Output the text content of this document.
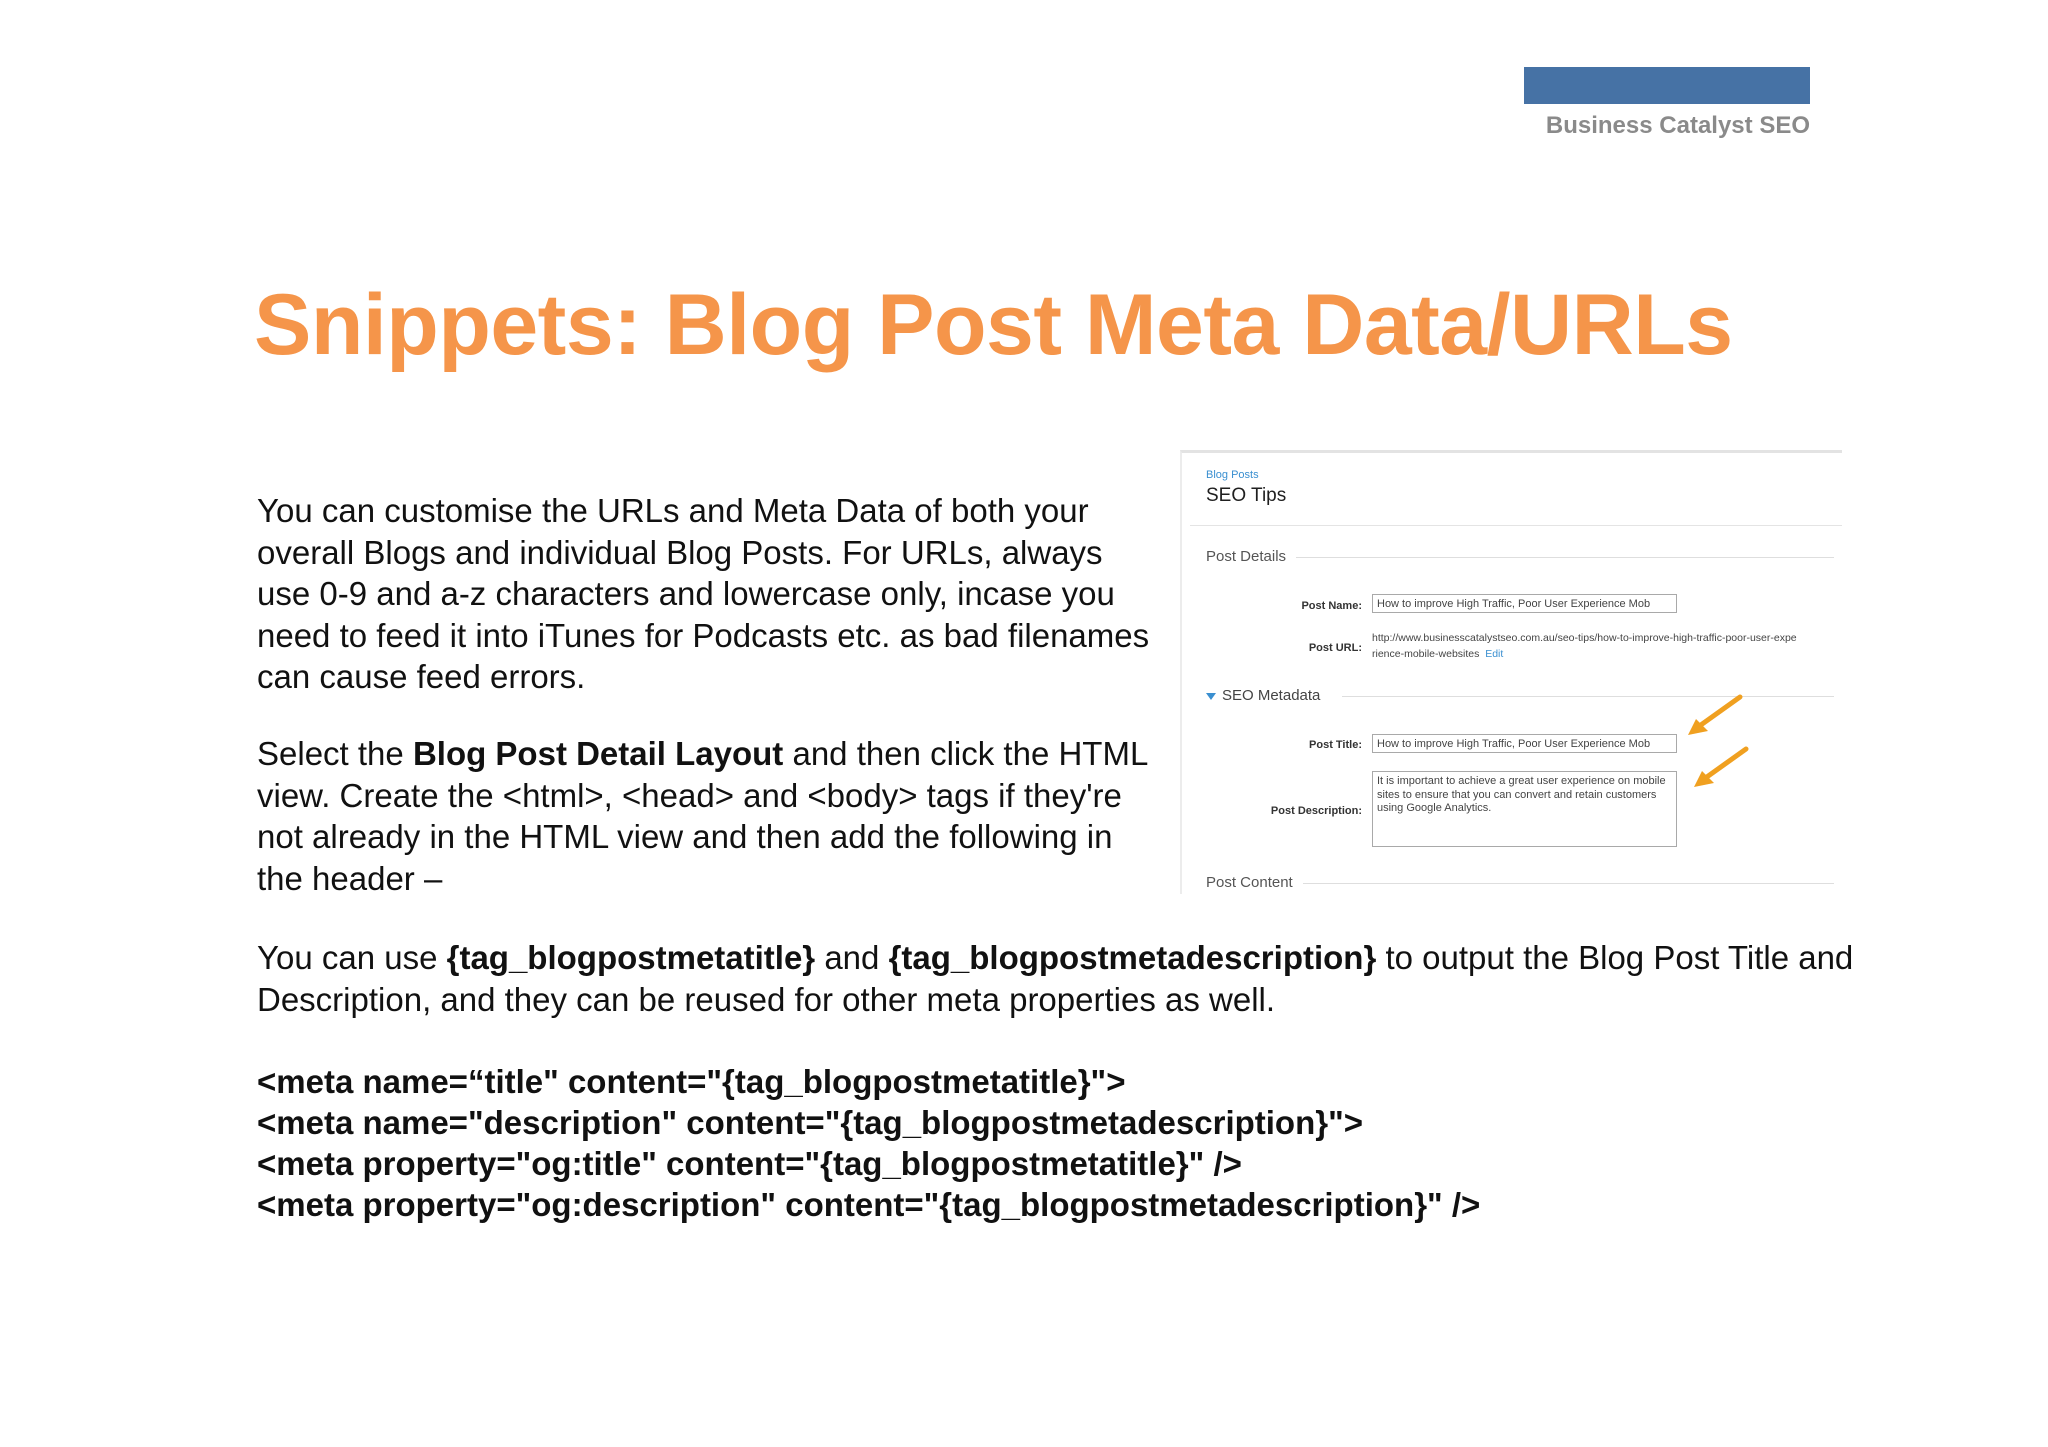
Business Catalyst SEO
Snippets: Blog Post Meta Data/URLs
You can customise the URLs and Meta Data of both your overall Blogs and individual Blog Posts. For URLs, always use 0-9 and a-z characters and lowercase only, incase you need to feed it into iTunes for Podcasts etc. as bad filenames can cause feed errors.
Select the Blog Post Detail Layout and then click the HTML view. Create the <html>, <head> and <body> tags if they're not already in the HTML view and then add the following in the header –
You can use {tag_blogpostmetatitle} and {tag_blogpostmetadescription} to output the Blog Post Title and Description, and they can be reused for other meta properties as well.
<meta name=“title" content="{tag_blogpostmetatitle}">
<meta name="description" content="{tag_blogpostmetadescription}">
<meta property="og:title" content="{tag_blogpostmetatitle}" />
<meta property="og:description" content="{tag_blogpostmetadescription}" />
Blog Posts
SEO Tips
Post Details
Post Name:	How to improve High Traffic, Poor User Experience Mob
Post URL:
http://www.businesscatalystseo.com.au/seo-tips/how-to-improve-high-traffic-poor-user-expe
rience-mobile-websites Edit
SEO Metadata
Post Title:	How to improve High Traffic, Poor User Experience Mob
Post Description:
It is important to achieve a great user experience on mobile sites to ensure that you can convert and retain customers using Google Analytics.
Post Content
